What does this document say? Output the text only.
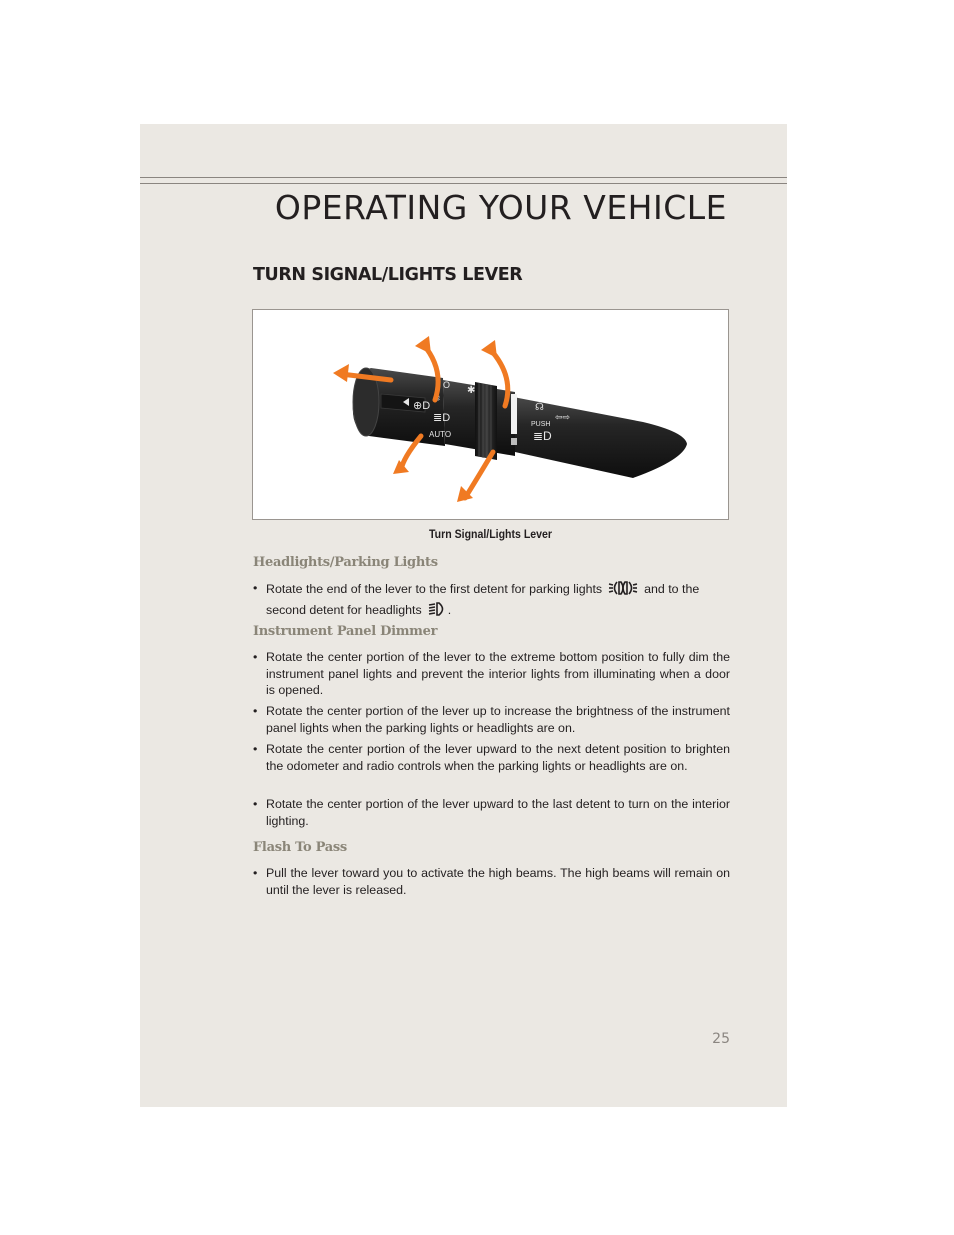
OPERATING YOUR VEHICLE
TURN SIGNAL/LIGHTS LEVER
⊕D
≋
≣D
AUTO
O ✱
PUSH
≣D
☊
⇦⇨
Turn Signal/Lights Lever
Headlights/Parking Lights
• Rotate the end of the lever to the first detent for parking lights	and to the second detent for headlights .
Instrument Panel Dimmer
• Rotate the center portion of the lever to the extreme bottom position to fully dim the instrument panel lights and prevent the interior lights from illuminating when a door is opened.
• Rotate the center portion of the lever up to increase the brightness of the instrument panel lights when the parking lights or headlights are on.
• Rotate the center portion of the lever upward to the next detent position to brighten the odometer and radio controls when the parking lights or headlights are on.
• Rotate the center portion of the lever upward to the last detent to turn on the interior lighting.
Flash To Pass
• Pull the lever toward you to activate the high beams. The high beams will remain on until the lever is released.
25
